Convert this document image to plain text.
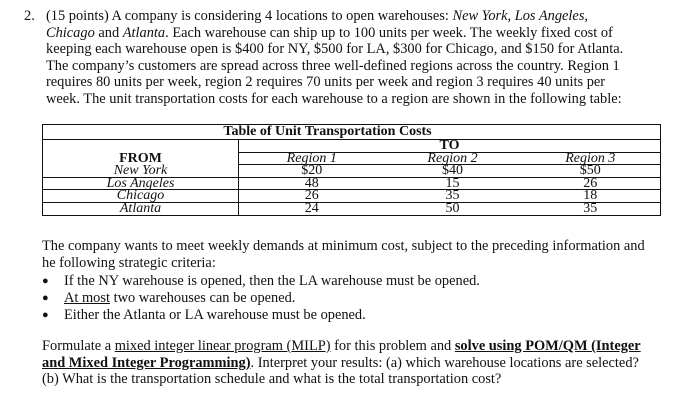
2. (15 points) A company is considering 4 locations to open warehouses: New York, Los Angeles,
Chicago and Atlanta. Each warehouse can ship up to 100 units per week. The weekly fixed cost of
keeping each warehouse open is $400 for NY, $500 for LA, $300 for Chicago, and $150 for Atlanta.
The company’s customers are spread across three well-defined regions across the country. Region 1
requires 80 units per week, region 2 requires 70 units per week and region 3 requires 40 units per
week. The unit transportation costs for each warehouse to a region are shown in the following table:
Table of Unit Transportation Costs			
	TO		
FROM	Region 1	Region 2	Region 3
New York	$20	$40	$50
Los Angeles	48	15	26
Chicago	26	35	18
Atlanta	24	50	35
The company wants to meet weekly demands at minimum cost, subject to the preceding information and
he following strategic criteria:
●	If the NY warehouse is opened, then the LA warehouse must be opened.
●	At most two warehouses can be opened.
●	Either the Atlanta or LA warehouse must be opened.
Formulate a mixed integer linear program (MILP) for this problem and solve using POM/QM (Integer
and Mixed Integer Programming). Interpret your results: (a) which warehouse locations are selected?
(b) What is the transportation schedule and what is the total transportation cost?
